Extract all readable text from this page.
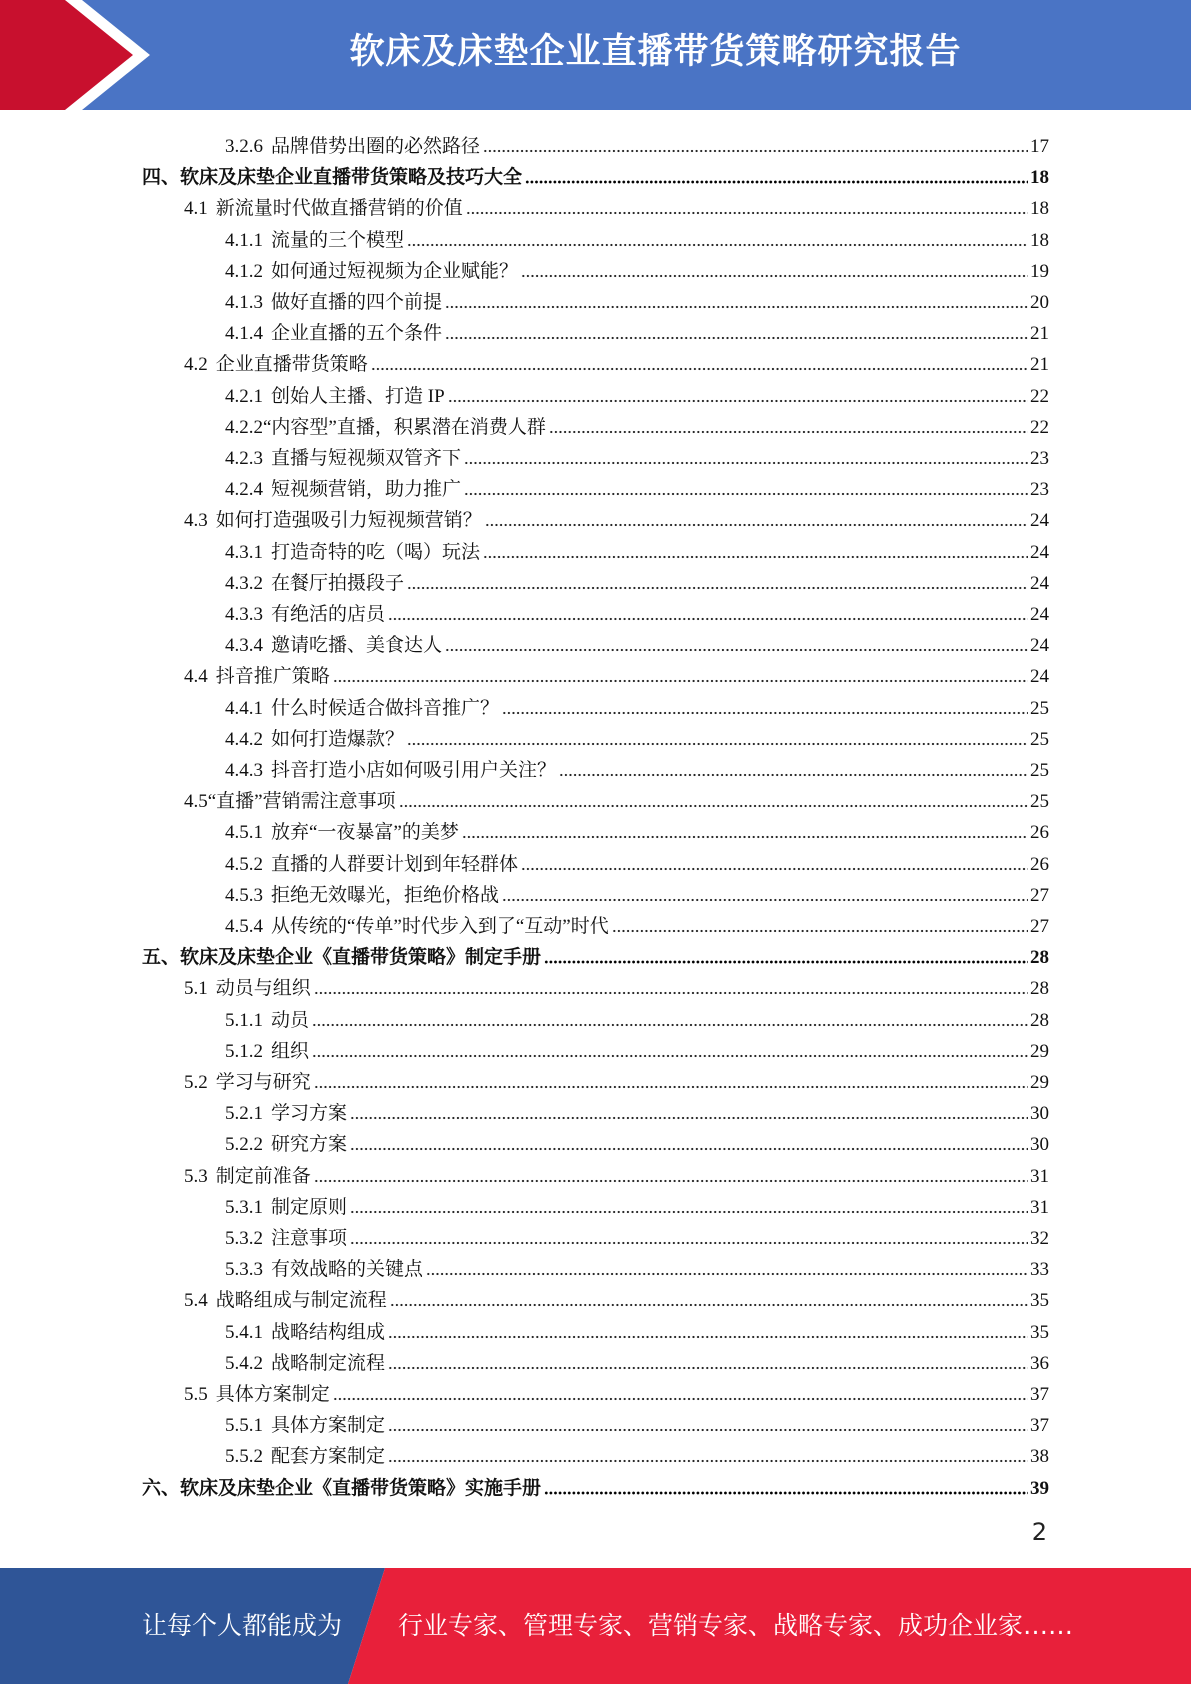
软床及床垫企业直播带货策略研究报告
3.2.6 品牌借势出圈的必然路径	17
四、 软床及床垫企业直播带货策略及技巧大全	18
4.1 新流量时代做直播营销的价值	18
4.1.1 流量的三个模型	18
4.1.2 如何通过短视频为企业赋能？	19
4.1.3 做好直播的四个前提	20
4.1.4 企业直播的五个条件	21
4.2 企业直播带货策略	21
4.2.1 创始人主播、打造 IP	22
4.2.2 “内容型”直播，积累潜在消费人群	22
4.2.3 直播与短视频双管齐下	23
4.2.4 短视频营销，助力推广	23
4.3 如何打造强吸引力短视频营销？	24
4.3.1 打造奇特的吃（喝）玩法	24
4.3.2 在餐厅拍摄段子	24
4.3.3 有绝活的店员	24
4.3.4 邀请吃播、美食达人	24
4.4 抖音推广策略	24
4.4.1 什么时候适合做抖音推广？	25
4.4.2 如何打造爆款？	25
4.4.3 抖音打造小店如何吸引用户关注？	25
4.5 “直播”营销需注意事项	25
4.5.1 放弃“一夜暴富”的美梦	26
4.5.2 直播的人群要计划到年轻群体	26
4.5.3 拒绝无效曝光，拒绝价格战	27
4.5.4 从传统的“传单”时代步入到了“互动”时代	27
五、 软床及床垫企业《直播带货策略》制定手册	28
5.1 动员与组织	28
5.1.1 动员	28
5.1.2 组织	29
5.2 学习与研究	29
5.2.1 学习方案	30
5.2.2 研究方案	30
5.3 制定前准备	31
5.3.1 制定原则	31
5.3.2 注意事项	32
5.3.3 有效战略的关键点	33
5.4 战略组成与制定流程	35
5.4.1 战略结构组成	35
5.4.2 战略制定流程	36
5.5 具体方案制定	37
5.5.1 具体方案制定	37
5.5.2 配套方案制定	38
六、 软床及床垫企业《直播带货策略》实施手册	39
2
让每个人都能成为 行业专家、管理专家、营销专家、战略专家、成功企业家……
